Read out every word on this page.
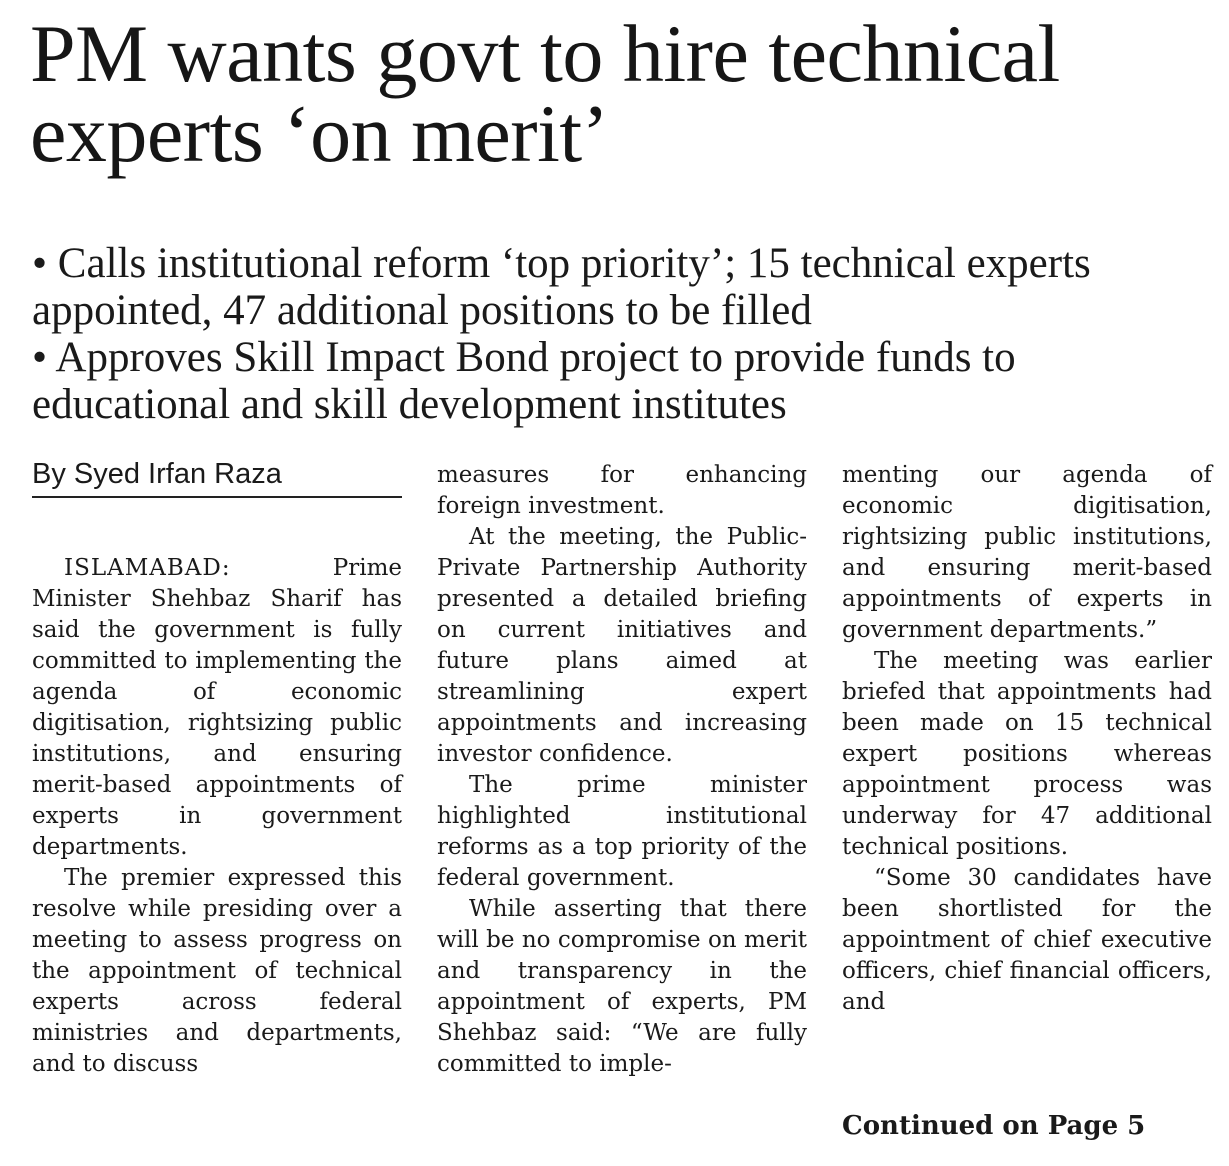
PM wants govt to hire technical experts ‘on merit’

• Calls institutional reform ‘top priority’; 15 technical experts appointed, 47 additional positions to be filled

• Approves Skill Impact Bond project to provide funds to educational and skill development institutes

By Syed Irfan Raza

ISLAMABAD: Prime Minister Shehbaz Sharif has said the government is fully committed to implementing the agenda of economic digitisation, rightsizing public institutions, and ensuring merit-based appointments of experts in government departments.

The premier expressed this resolve while presiding over a meeting to assess progress on the appointment of technical experts across federal ministries and departments, and to discuss

measures for enhancing foreign investment.

At the meeting, the Public-Private Partnership Authority presented a detailed briefing on current initiatives and future plans aimed at streamlining expert appointments and increasing investor confidence.

The prime minister highlighted institutional reforms as a top priority of the federal government.

While asserting that there will be no compromise on merit and transparency in the appointment of experts, PM Shehbaz said: “We are fully committed to imple-

menting our agenda of economic digitisation, rightsizing public institutions, and ensuring merit-based appointments of experts in government departments.”

The meeting was earlier briefed that appointments had been made on 15 technical expert positions whereas appointment process was underway for 47 additional technical positions.

“Some 30 candidates have been shortlisted for the appointment of chief executive officers, chief financial officers, and

Continued on Page 5
